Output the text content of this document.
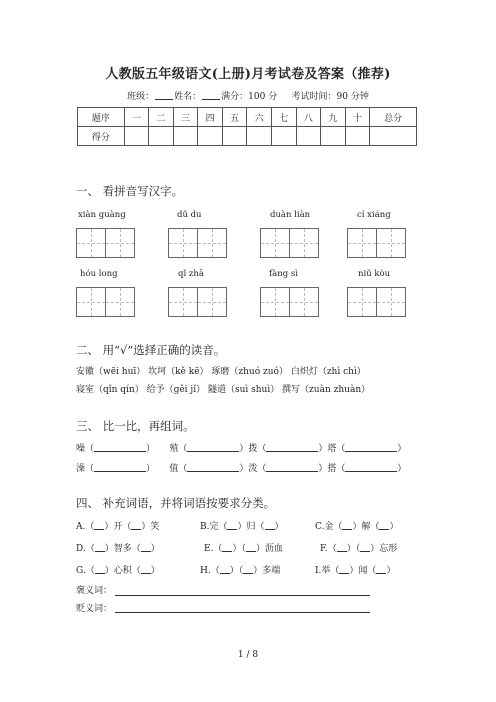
人教版五年级语文(上册)月考试卷及答案（推荐)
班级： 姓名： 满分：100 分 考试时间：90 分钟
题序	一	二	三	四	五	六	七	八	九	十	总分
得分											
一、 看拼音写汉字。
xiàn guàng	dǔ du	duàn liàn	cí xiáng
hóu long	qǐ zhā	fàng sì	niǔ kòu
二、 用“√”选择正确的读音。
安徽（wēi huī） 坎坷（kě kē） 琢磨（zhuó zuó） 白炽灯（zhì chì）
寝室（qǐn qín） 给予（gěi jǐ） 隧道（suì shuì） 撰写（zuàn zhuàn）
三、 比一比，再组词。
噪（	） 殖（	）拨（	）塔（	）
澡（	） 值（	）泼（	）搭（	）
四、 补充词语，并将词语按要求分类。
A.（ ）开（ ）笑	B.完（ ）归（ ）	C.金（ ）解（ ）
D.（ ）智多（ ）	E.（ ）（ ）沥血	F.（ ）（ ）忘形
G.（ ）心积（ ）	H.（ ）（ ）多端	I.举（ ）闻（ ）
褒义词：
贬义词：
1 / 8
